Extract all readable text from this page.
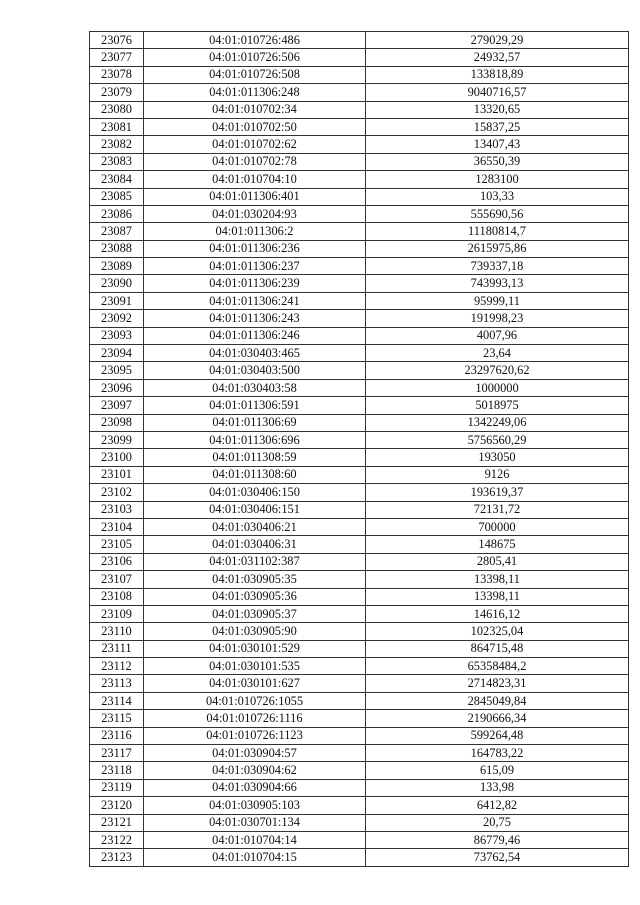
23076	04:01:010726:486	279029,29
23077	04:01:010726:506	24932,57
23078	04:01:010726:508	133818,89
23079	04:01:011306:248	9040716,57
23080	04:01:010702:34	13320,65
23081	04:01:010702:50	15837,25
23082	04:01:010702:62	13407,43
23083	04:01:010702:78	36550,39
23084	04:01:010704:10	1283100
23085	04:01:011306:401	103,33
23086	04:01:030204:93	555690,56
23087	04:01:011306:2	11180814,7
23088	04:01:011306:236	2615975,86
23089	04:01:011306:237	739337,18
23090	04:01:011306:239	743993,13
23091	04:01:011306:241	95999,11
23092	04:01:011306:243	191998,23
23093	04:01:011306:246	4007,96
23094	04:01:030403:465	23,64
23095	04:01:030403:500	23297620,62
23096	04:01:030403:58	1000000
23097	04:01:011306:591	5018975
23098	04:01:011306:69	1342249,06
23099	04:01:011306:696	5756560,29
23100	04:01:011308:59	193050
23101	04:01:011308:60	9126
23102	04:01:030406:150	193619,37
23103	04:01:030406:151	72131,72
23104	04:01:030406:21	700000
23105	04:01:030406:31	148675
23106	04:01:031102:387	2805,41
23107	04:01:030905:35	13398,11
23108	04:01:030905:36	13398,11
23109	04:01:030905:37	14616,12
23110	04:01:030905:90	102325,04
23111	04:01:030101:529	864715,48
23112	04:01:030101:535	65358484,2
23113	04:01:030101:627	2714823,31
23114	04:01:010726:1055	2845049,84
23115	04:01:010726:1116	2190666,34
23116	04:01:010726:1123	599264,48
23117	04:01:030904:57	164783,22
23118	04:01:030904:62	615,09
23119	04:01:030904:66	133,98
23120	04:01:030905:103	6412,82
23121	04:01:030701:134	20,75
23122	04:01:010704:14	86779,46
23123	04:01:010704:15	73762,54
